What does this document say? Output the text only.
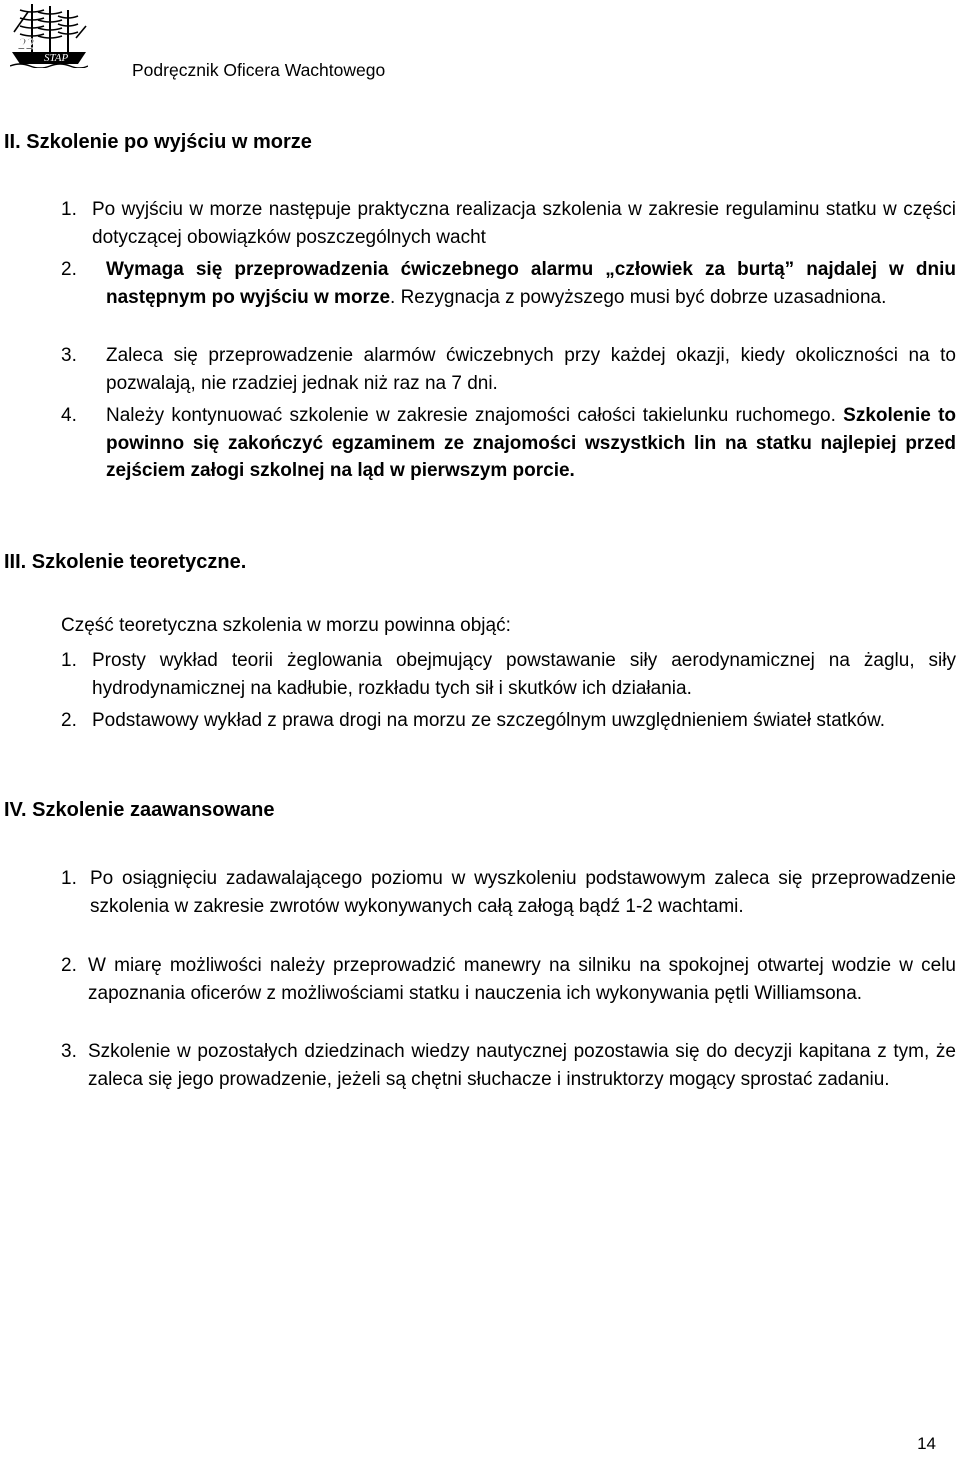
22
STAP
Podręcznik Oficera Wachtowego
II. Szkolenie po wyjściu w morze
1. Po wyjściu w morze następuje praktyczna realizacja szkolenia w zakresie regulaminu statku w części dotyczącej obowiązków poszczególnych wacht

2. Wymaga się przeprowadzenia ćwiczebnego alarmu „człowiek za burtą” najdalej w dniu następnym po wyjściu w morze. Rezygnacja z powyższego musi być dobrze uzasadniona.

3. Zaleca się przeprowadzenie alarmów ćwiczebnych przy każdej okazji, kiedy okoliczności na to pozwalają, nie rzadziej jednak niż raz na 7 dni.

4. Należy kontynuować szkolenie w zakresie znajomości całości takielunku ruchomego. Szkolenie to powinno się zakończyć egzaminem ze znajomości wszystkich lin na statku najlepiej przed zejściem załogi szkolnej na ląd w pierwszym porcie.

III. Szkolenie teoretyczne.
Część teoretyczna szkolenia w morzu powinna objąć:
1. Prosty wykład teorii żeglowania obejmujący powstawanie siły aerodynamicznej na żaglu, siły hydrodynamicznej na kadłubie, rozkładu tych sił i skutków ich działania.

2. Podstawowy wykład z prawa drogi na morzu ze szczególnym uwzględnieniem świateł statków.

IV. Szkolenie zaawansowane
1. Po osiągnięciu zadawalającego poziomu w wyszkoleniu podstawowym zaleca się przeprowadzenie szkolenia w zakresie zwrotów wykonywanych całą załogą bądź 1-2 wachtami.

2. W miarę możliwości należy przeprowadzić manewry na silniku na spokojnej otwartej wodzie w celu zapoznania oficerów z możliwościami statku i nauczenia ich wykonywania pętli Williamsona.

3. Szkolenie w pozostałych dziedzinach wiedzy nautycznej pozostawia się do decyzji kapitana z tym, że zaleca się jego prowadzenie, jeżeli są chętni słuchacze i instruktorzy mogący sprostać zadaniu.

14
